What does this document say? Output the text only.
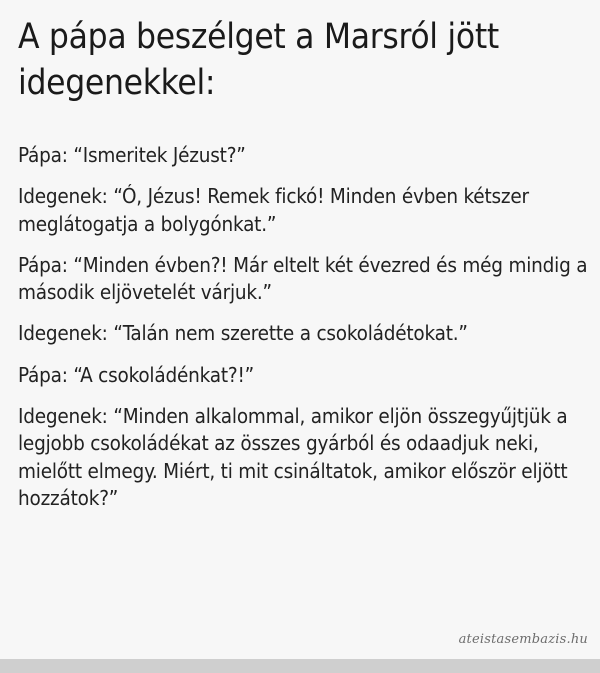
A pápa beszélget a Marsról jött idegenekkel:

Pápa: “Ismeritek Jézust?”

Idegenek: “Ó, Jézus! Remek fickó! Minden évben kétszer meglátogatja a bolygónkat.”

Pápa: “Minden évben?! Már eltelt két évezred és még mindig a második eljövetelét várjuk.”

Idegenek: “Talán nem szerette a csokoládétokat.”

Pápa: “A csokoládénkat?!”

Idegenek: “Minden alkalommal, amikor eljön összegyűjtjük a legjobb csokoládékat az összes gyárból és odaadjuk neki, mielőtt elmegy. Miért, ti mit csináltatok, amikor először eljött hozzátok?”

ateistasembazis.hu
